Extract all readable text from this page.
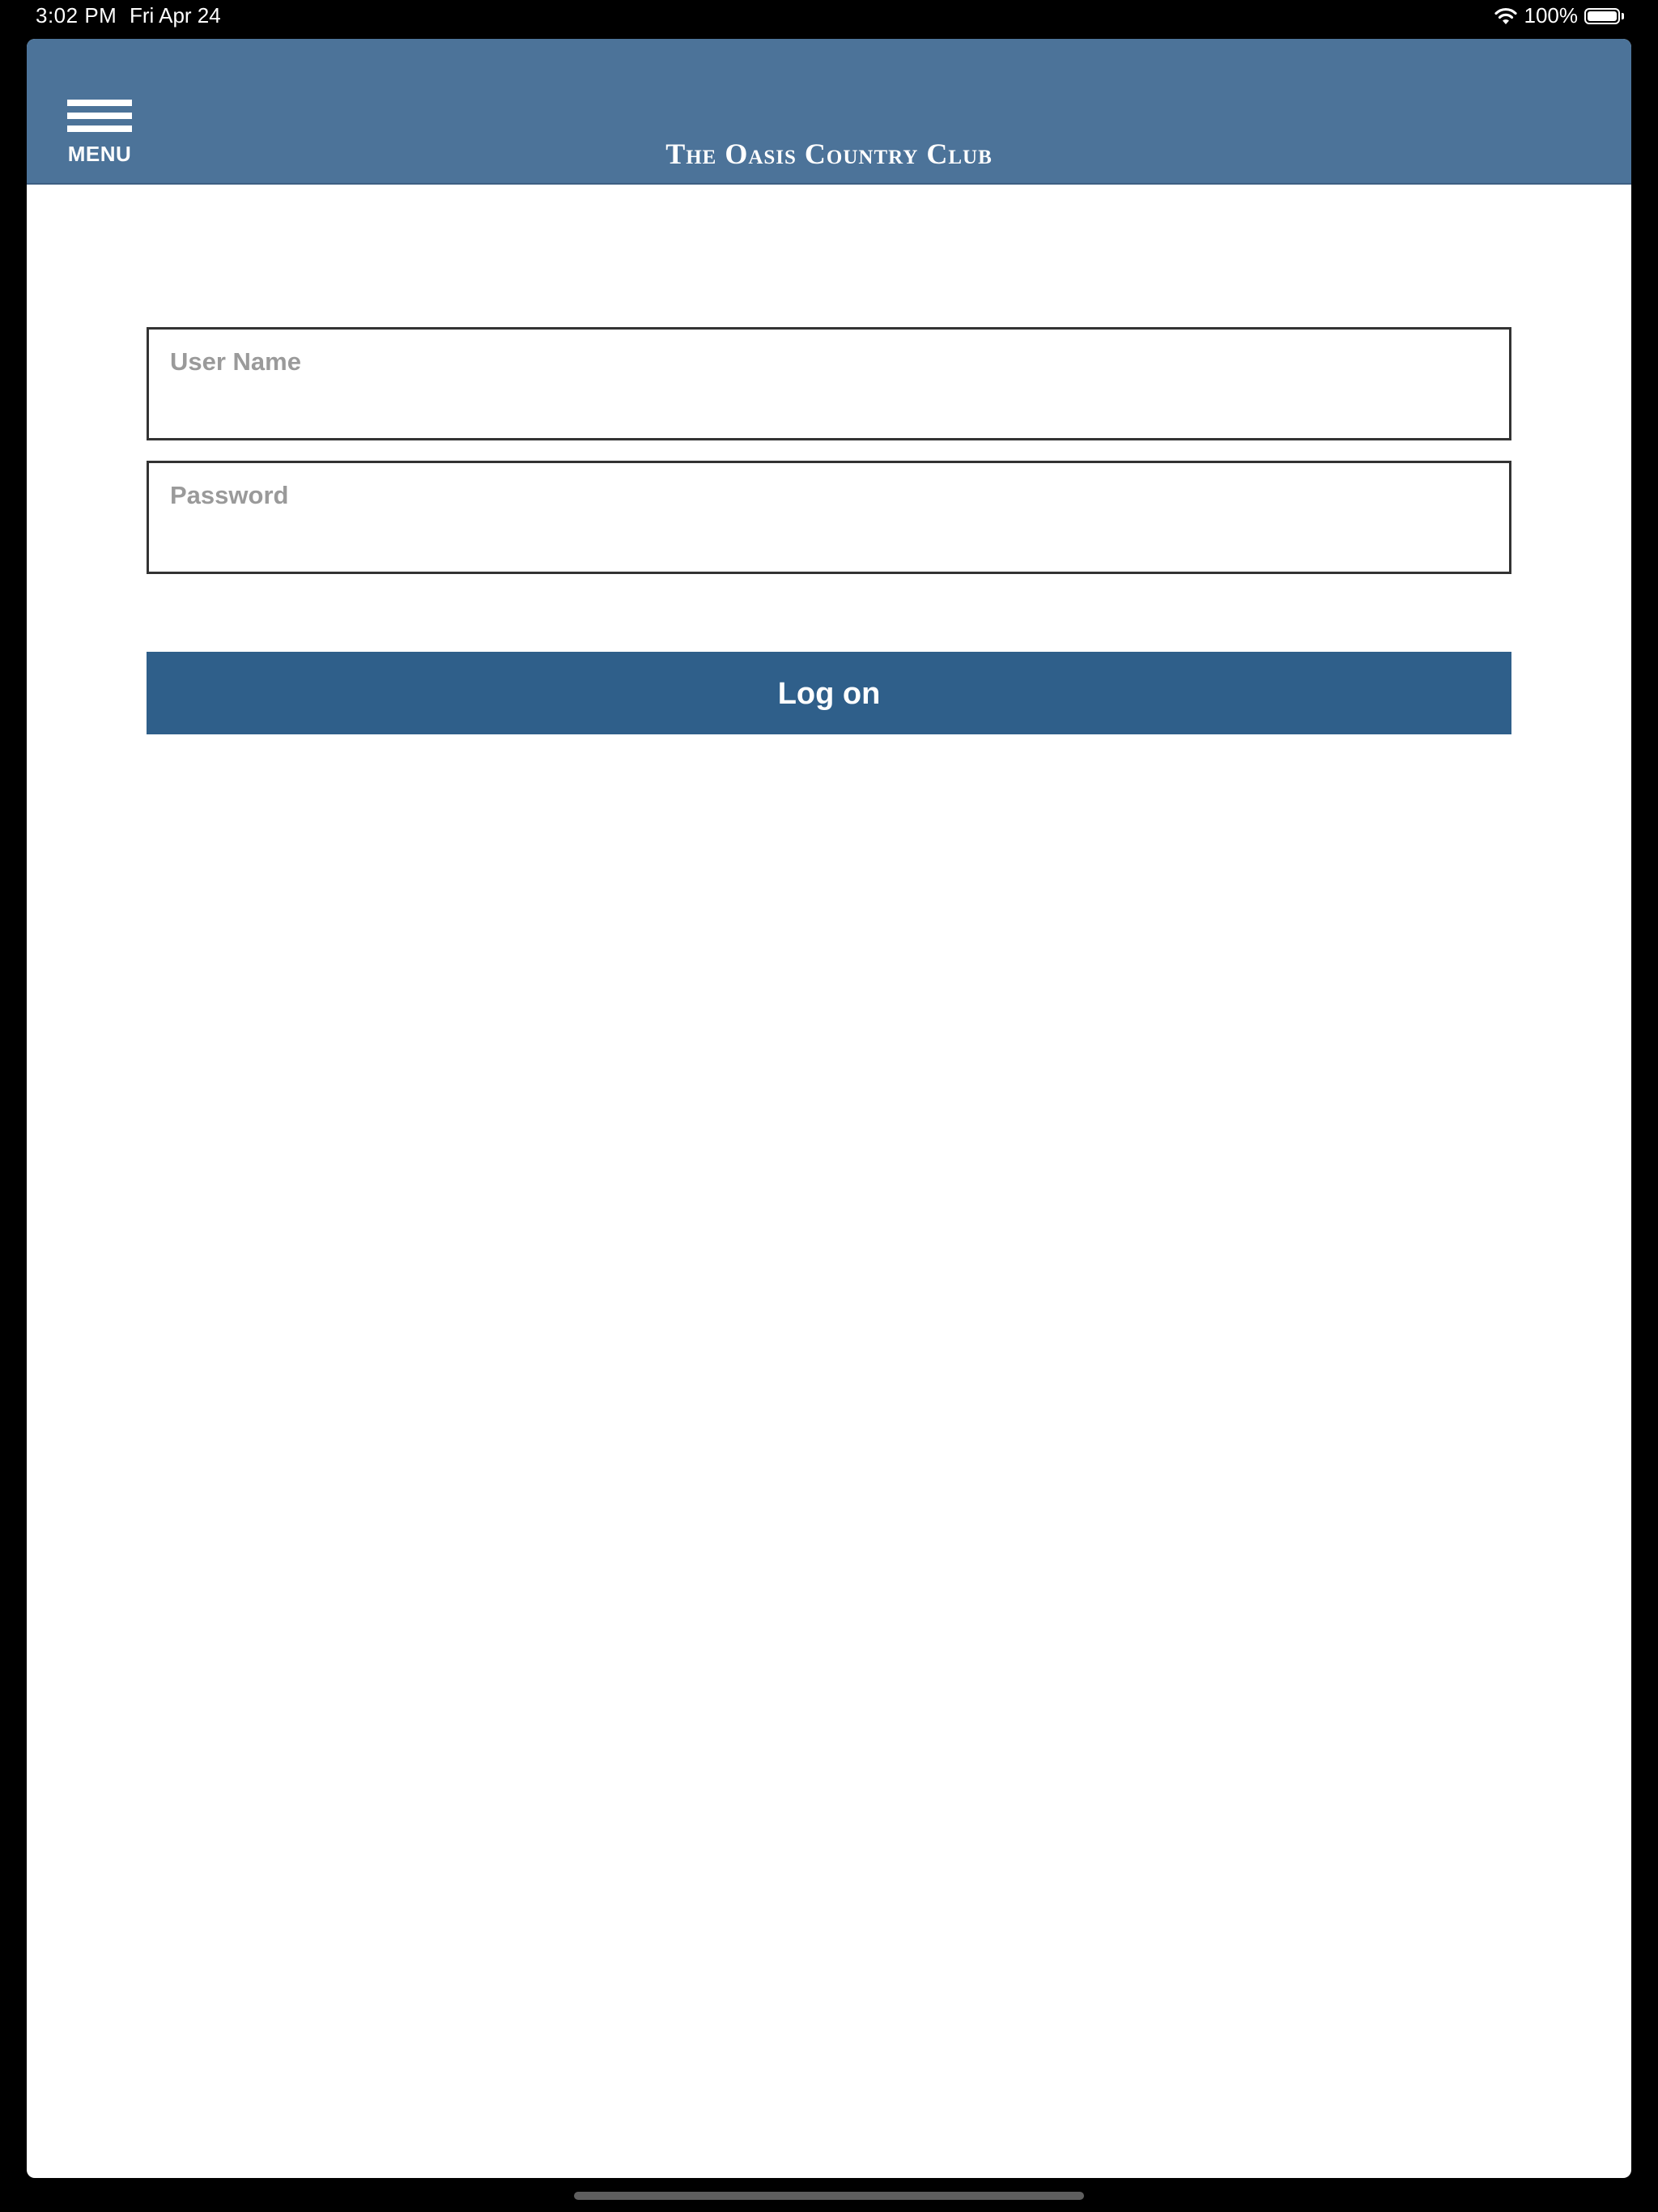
3:02 PM Fri Apr 24	100%
MENU	The Oasis Country Club
User Name
Log on
